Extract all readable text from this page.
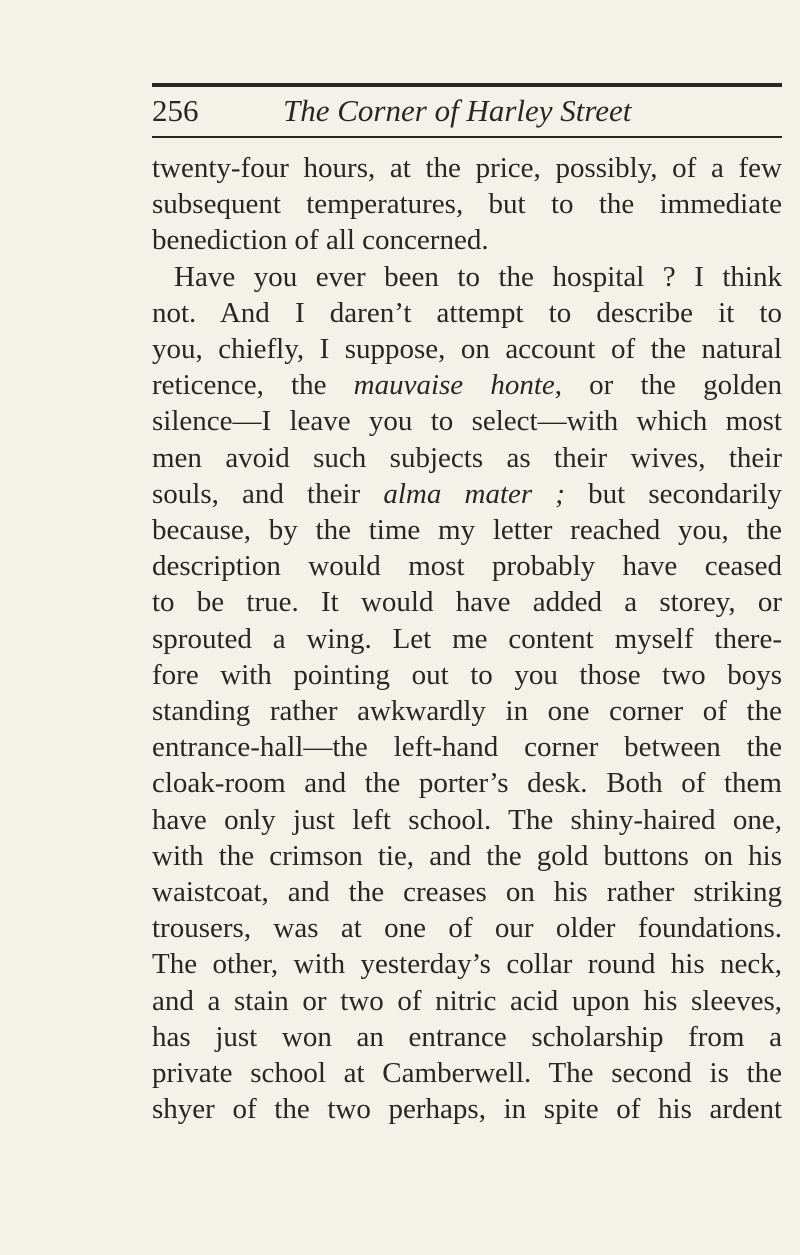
256	The Corner of Harley Street
twenty-four hours, at the price, possibly, of a few
subsequent temperatures, but to the immediate
benediction of all concerned.
Have you ever been to the hospital ? I think
not. And I daren’t attempt to describe it to
you, chiefly, I suppose, on account of the natural
reticence, the mauvaise honte, or the golden
silence—I leave you to select—with which most
men avoid such subjects as their wives, their
souls, and their alma mater ; but secondarily
because, by the time my letter reached you, the
description would most probably have ceased
to be true. It would have added a storey, or
sprouted a wing. Let me content myself there-
fore with pointing out to you those two boys
standing rather awkwardly in one corner of the
entrance-hall—the left-hand corner between the
cloak-room and the porter’s desk. Both of them
have only just left school. The shiny-haired one,
with the crimson tie, and the gold buttons on his
waistcoat, and the creases on his rather striking
trousers, was at one of our older foundations.
The other, with yesterday’s collar round his neck,
and a stain or two of nitric acid upon his sleeves,
has just won an entrance scholarship from a
private school at Camberwell. The second is the
shyer of the two perhaps, in spite of his ardent
